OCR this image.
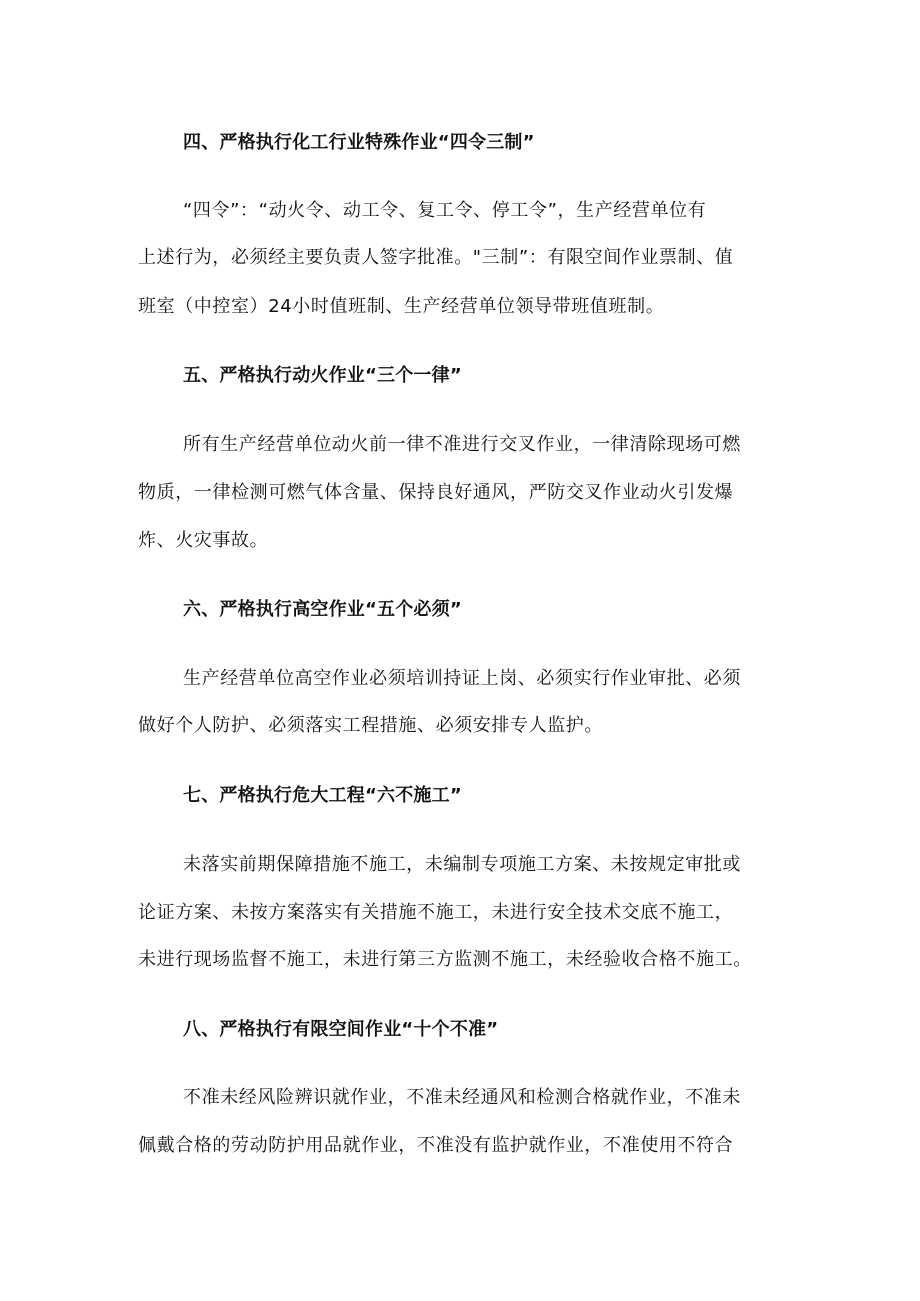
四、严格执行化工行业特殊作业“四令三制”

“四令”：“动火令、动工令、复工令、停工令”，生产经营单位有

上述行为，必须经主要负责人签字批准。"三制”：有限空间作业票制、值

班室（中控室）24小时值班制、生产经营单位领导带班值班制。

五、严格执行动火作业“三个一律”

所有生产经营单位动火前一律不准进行交叉作业，一律清除现场可燃

物质，一律检测可燃气体含量、保持良好通风，严防交叉作业动火引发爆

炸、火灾事故。

六、严格执行高空作业“五个必须”

生产经营单位高空作业必须培训持证上岗、必须实行作业审批、必须

做好个人防护、必须落实工程措施、必须安排专人监护。

七、严格执行危大工程“六不施工”

未落实前期保障措施不施工，未编制专项施工方案、未按规定审批或

论证方案、未按方案落实有关措施不施工，未进行安全技术交底不施工，

未进行现场监督不施工，未进行第三方监测不施工，未经验收合格不施工。

八、严格执行有限空间作业“十个不准”

不准未经风险辨识就作业，不准未经通风和检测合格就作业，不准未

佩戴合格的劳动防护用品就作业，不准没有监护就作业，不准使用不符合
